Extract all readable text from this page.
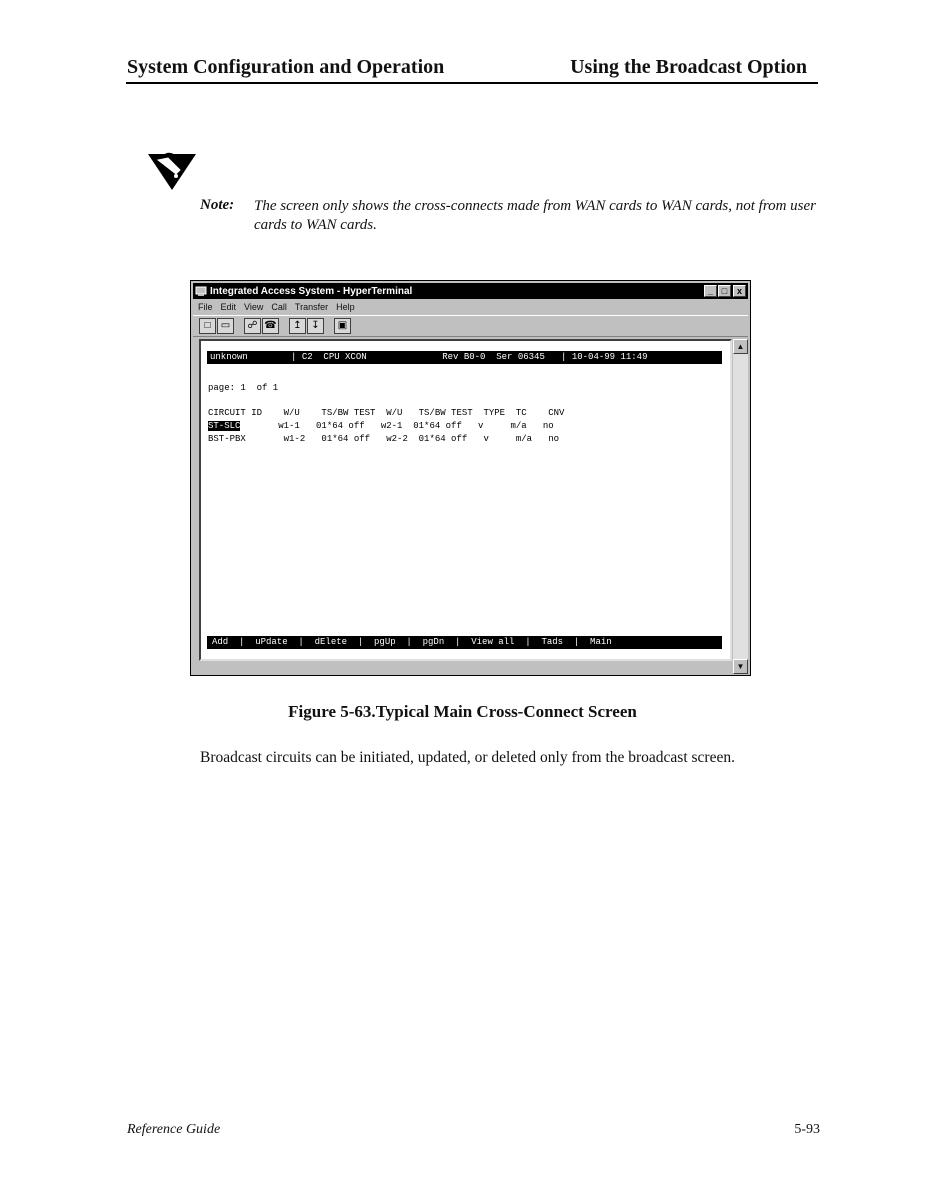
System Configuration and Operation	Using the Broadcast Option
Note: The screen only shows the cross-connects made from WAN cards to WAN cards, not from user cards to WAN cards.
Integrated Access System - HyperTerminal	_ □	x
File Edit View Call Transfer Help
□	▭	☍ ☎	↥ ↧	▣
unknown        | C2  CPU XCON              Rev B0-0  Ser 06345   | 10-04-99 11:49
page: 1  of 1
CIRCUIT ID    W/U    TS/BW TEST  W/U   TS/BW TEST  TYPE  TC    CNV
ST-SLC	w1-1   01*64 off   w2-1  01*64 off   v     m/a   no
BST-PBX	w1-2   01*64 off   w2-2  01*64 off   v     m/a   no
Add  |  uPdate  |  dElete  |  pgUp  |  pgDn  |  View all  |  Tads  |  Main
▲
▼
Figure 5-63.Typical Main Cross-Connect Screen
Broadcast circuits can be initiated, updated, or deleted only from the broadcast screen.
Reference Guide	5-93
